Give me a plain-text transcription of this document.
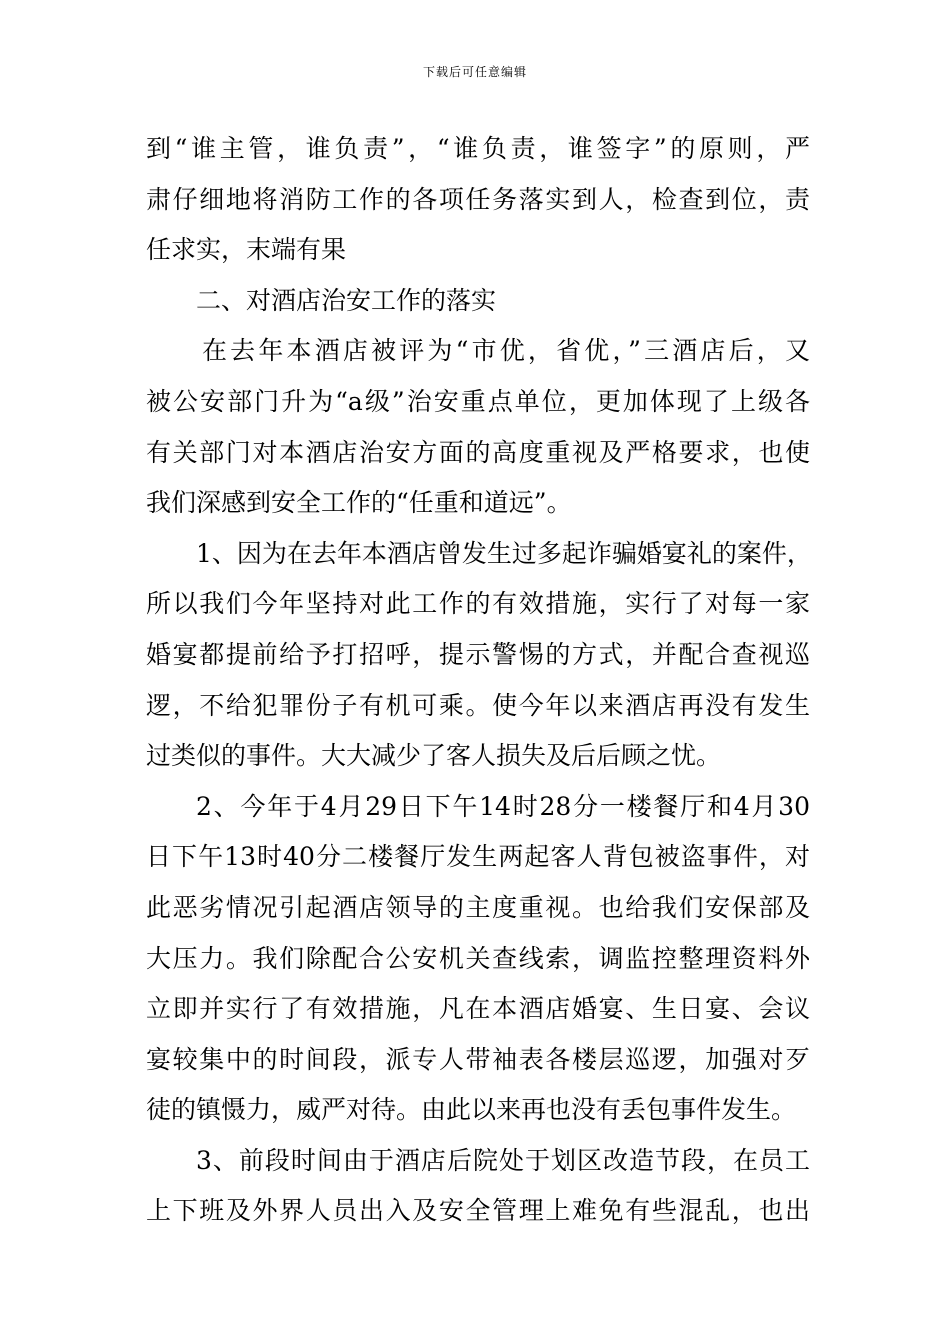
下载后可任意编辑
到“谁主管，谁负责”，“谁负责，谁签字”的原则，严
肃仔细地将消防工作的各项任务落实到人，检查到位，责
任求实，末端有果
二、对酒店治安工作的落实
在去年本酒店被评为“市优，省优，”三酒店后，又
被公安部门升为“a级”治安重点单位，更加体现了上级各
有关部门对本酒店治安方面的高度重视及严格要求，也使
我们深感到安全工作的“任重和道远”。
1、因为在去年本酒店曾发生过多起诈骗婚宴礼的案件，
所以我们今年坚持对此工作的有效措施，实行了对每一家
婚宴都提前给予打招呼，提示警惕的方式，并配合查视巡
逻，不给犯罪份子有机可乘。使今年以来酒店再没有发生
过类似的事件。大大减少了客人损失及后后顾之忧。
2、今年于4月29日下午14时28分一楼餐厅和4月30
日下午13时40分二楼餐厅发生两起客人背包被盗事件，对
此恶劣情况引起酒店领导的主度重视。也给我们安保部及
大压力。我们除配合公安机关查线索，调监控整理资料外
立即并实行了有效措施，凡在本酒店婚宴、生日宴、会议
宴较集中的时间段，派专人带袖表各楼层巡逻，加强对歹
徒的镇慑力，威严对待。由此以来再也没有丢包事件发生。
3、前段时间由于酒店后院处于划区改造节段，在员工
上下班及外界人员出入及安全管理上难免有些混乱，也出
